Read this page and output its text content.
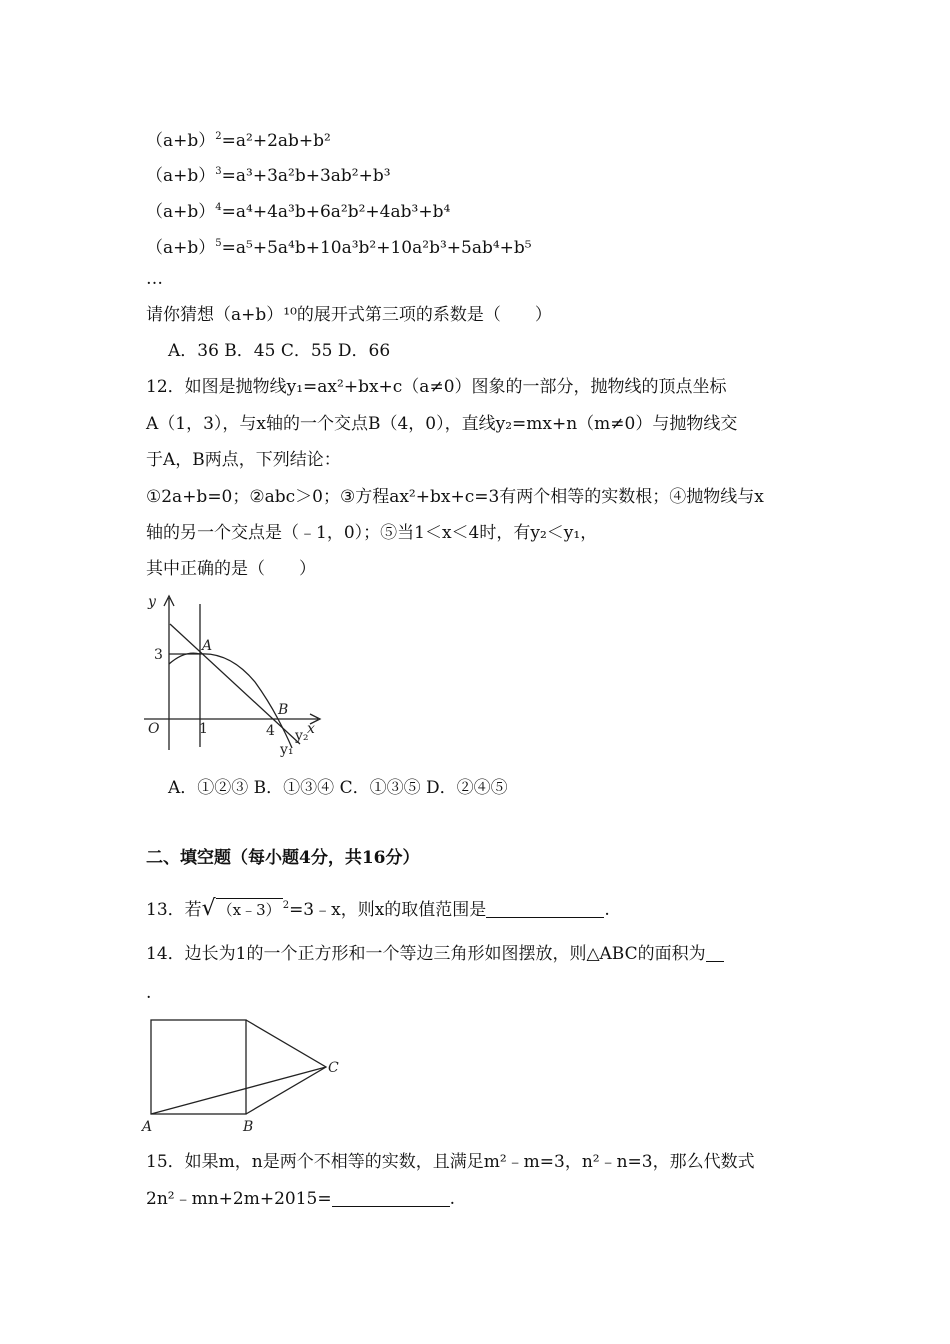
$(a+b)^2=a^2+2ab+b^2$
$(a+b)^3=a^3+3a^2b+3ab^2+b^3$
$(a+b)^4=a^4+4a^3b+6a^2b^2+4ab^3+b^4$
$(a+b)^5=a^5+5a^4b+10a^3b^2+10a^2b^3+5ab^4+b^5$
…
请你猜想（a+b）¹⁰的展开式第三项的系数是（　　）
A．36 B．45 C．55 D．66
12．如图是抛物线y₁=ax²+bx+c（a≠0）图象的一部分，抛物线的顶点坐标
A（1，3），与x轴的一个交点B（4，0），直线y₂=mx+n（m≠0）与抛物线交
于A，B两点，下列结论：
①2a+b=0；②abc＞0；③方程ax²+bx+c=3有两个相等的实数根；④抛物线与x
轴的另一个交点是（﹣1，0）；⑤当1＜x＜4时，有y₂＜y₁，
其中正确的是（　　）
y
x
O
A
B
3
1	4 y₂
y₁
A．①②③ B．①③④ C．①③⑤ D．②④⑤
二、填空题（每小题4分，共16分）
13．若√ （x﹣3） $^2$=3﹣x，则x的取值范围是	.
14．边长为1的一个正方形和一个等边三角形如图摆放，则△ABC的面积为
.
A	B
C
15．如果m，n是两个不相等的实数，且满足m²﹣m=3，n²﹣n=3，那么代数式
2n²﹣mn+2m+2015=	.
